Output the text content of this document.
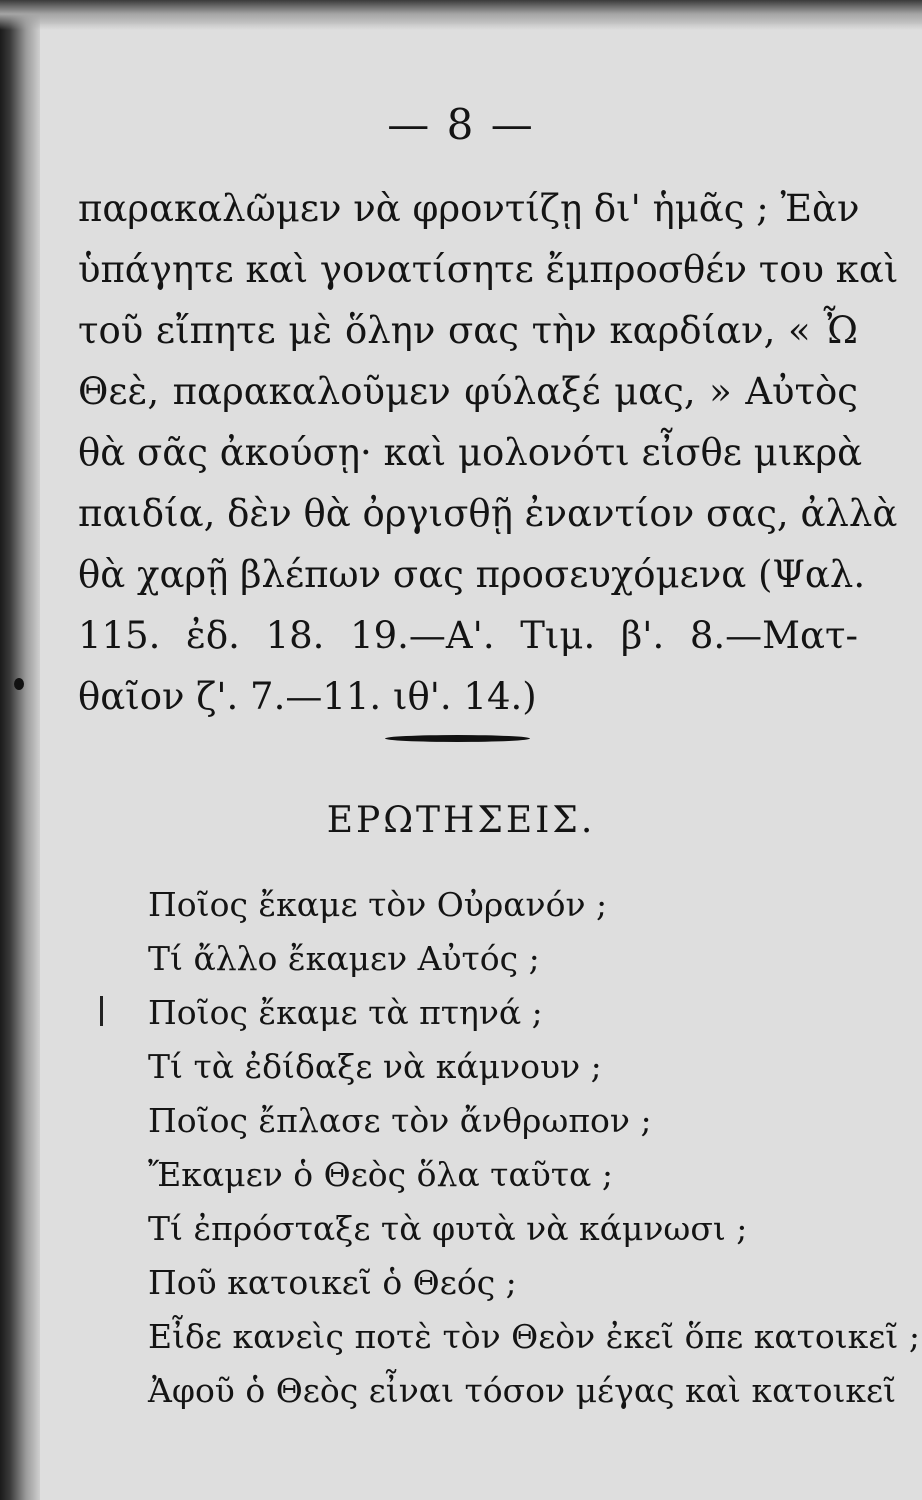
— 8 —
παρακαλῶμεν νὰ φροντίζῃ δι' ἡμᾶς ; Ἐὰν
ὑπάγητε καὶ γονατίσητε ἔμπροσθέν του καὶ
τοῦ εἴπητε μὲ ὅλην σας τὴν καρδίαν, « Ὦ
Θεὲ, παρακαλοῦμεν φύλαξέ μας, » Αὐτὸς
θὰ σᾶς ἀκούσῃ· καὶ μολονότι εἶσθε μικρὰ
παιδία, δὲν θὰ ὀργισθῇ ἐναντίον σας, ἀλλὰ
θὰ χαρῇ βλέπων σας προσευχόμενα (Ψαλ.
115. ἐδ. 18. 19.—Α'. Τιμ. β'. 8.—Ματ-
θαῖον ζ'. 7.—11. ιθ'. 14.)
ΕΡΩΤΗΣΕΙΣ.
Ποῖος ἔκαμε τὸν Οὐρανόν ;
Τί ἄλλο ἔκαμεν Αὐτός ;
Ποῖος ἔκαμε τὰ πτηνά ;
Τί τὰ ἐδίδαξε νὰ κάμνουν ;
Ποῖος ἔπλασε τὸν ἄνθρωπον ;
Ἔκαμεν ὁ Θεὸς ὅλα ταῦτα ;
Τί ἐπρόσταξε τὰ φυτὰ νὰ κάμνωσι ;
Ποῦ κατοικεῖ ὁ Θεός ;
Εἶδε κανεὶς ποτὲ τὸν Θεὸν ἐκεῖ ὅπε κατοικεῖ ;
Ἀφοῦ ὁ Θεὸς εἶναι τόσον μέγας καὶ κατοικεῖ
